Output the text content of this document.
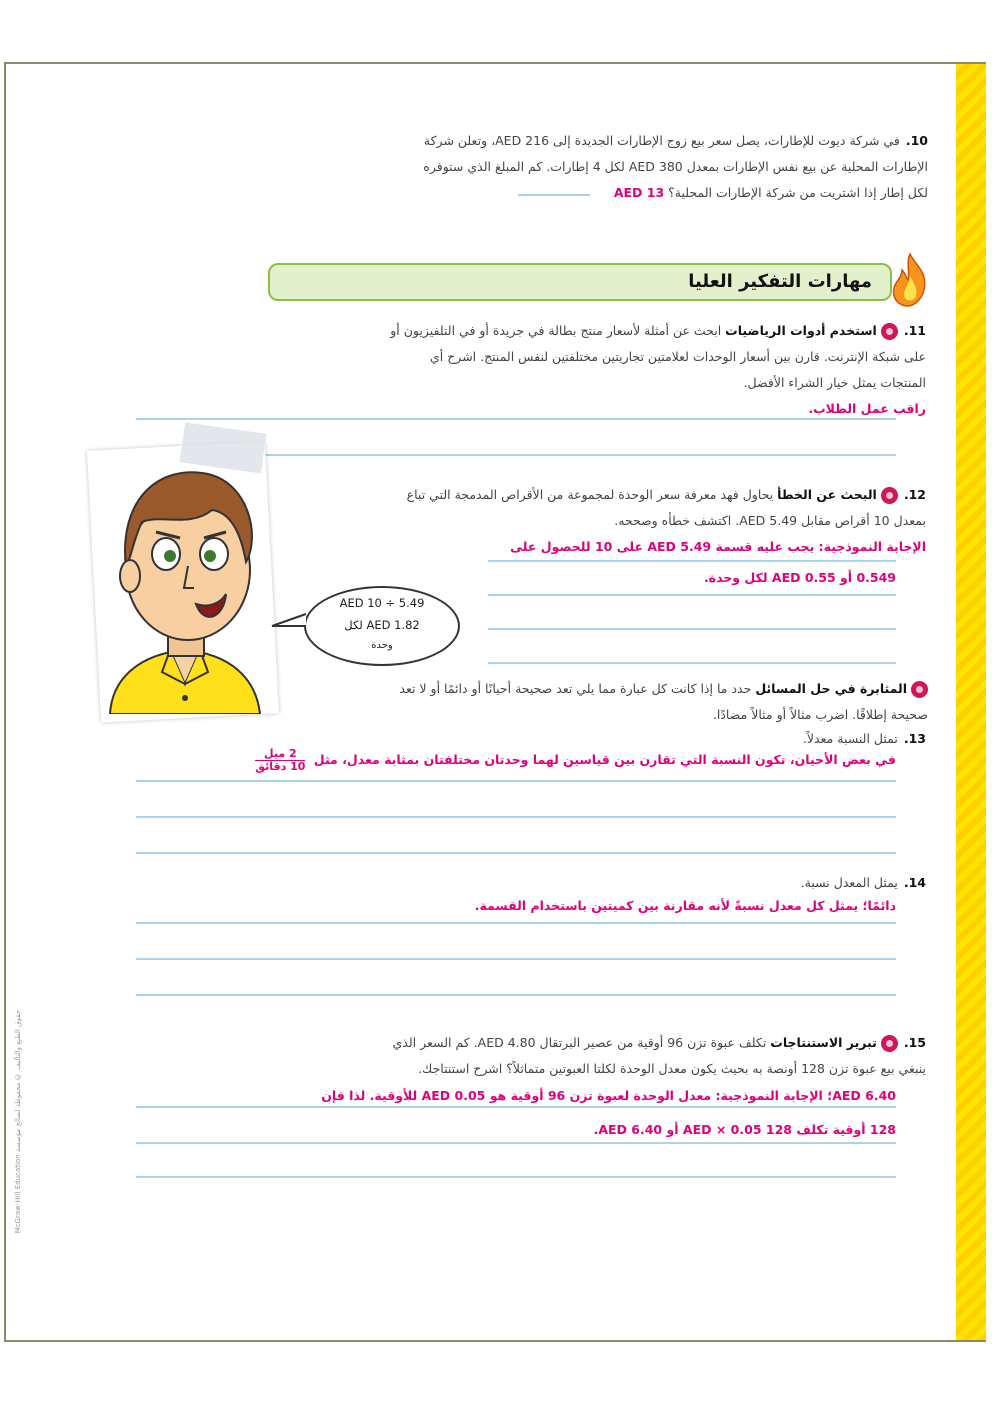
McGraw-Hill Education حقوق الطبع والتأليف © محفوظة لصالح مؤسسة
10.في شركة ديوت للإطارات، يصل سعر بيع زوج الإطارات الجديدة إلى AED 216، وتعلن شركة
الإطارات المحلية عن بيع نفس الإطارات بمعدل AED 380 لكل 4 إطارات. كم المبلغ الذي ستوفره
لكل إطار إذا اشتريت من شركة الإطارات المحلية؟ AED 13
مهارات التفكير العليا
11.استخدم أدوات الرياضيات ابحث عن أمثلة لأسعار منتج بطالة في جريدة أو في التلفيزيون أو
على شبكة الإنترنت. قارن بين أسعار الوحدات لعلامتين تجاريتين مختلفتين لنفس المنتج. اشرح أي
المنتجات يمثل خيار الشراء الأفضل.
راقب عمل الطلاب.
AED 10 ÷ 5.49
AED 1.82 لكل
وحدة
12.البحث عن الخطأ يحاول فهد معرفة سعر الوحدة لمجموعة من الأقراص المدمجة التي تباع
بمعدل 10 أقراص مقابل AED 5.49. اكتشف خطأه وصححه.
الإجابة النموذجية: يجب عليه قسمة AED 5.49 على 10 للحصول على
0.549 أو AED 0.55 لكل وحدة.
المثابرة في حل المسائل حدد ما إذا كانت كل عبارة مما يلي تعد صحيحة أحيانًا أو دائمًا أو لا تعد
صحيحة إطلاقًا. اضرب مثالاً أو مثالاً مضادًا.
13.تمثل النسبة معدلاً.
في بعض الأحيان، تكون النسبة التي تقارن بين قياسين لهما وحدتان مختلفتان بمثابة معدل، مثل
$\frac{\text{2 ميل}}{\text{10 دقائق}}$
14.يمثل المعدل نسبة.
دائمًا؛ يمثل كل معدل نسبةً لأنه مقارنة بين كميتين باستخدام القسمة.
15.تبرير الاستنتاجات تكلف عبوة تزن 96 أوقية من عصير البرتقال AED 4.80. كم السعر الذي
ينبغي بيع عبوة تزن 128 أونصة به بحيث يكون معدل الوحدة لكلتا العبوتين متماثلاً؟ اشرح استنتاجك.
AED 6.40؛ الإجابة النموذجية: معدل الوحدة لعبوة تزن 96 أوقية هو AED 0.05 للأوقية. لذا فإن
128 أوقية تكلف 128 AED × 0.05 أو AED 6.40.
